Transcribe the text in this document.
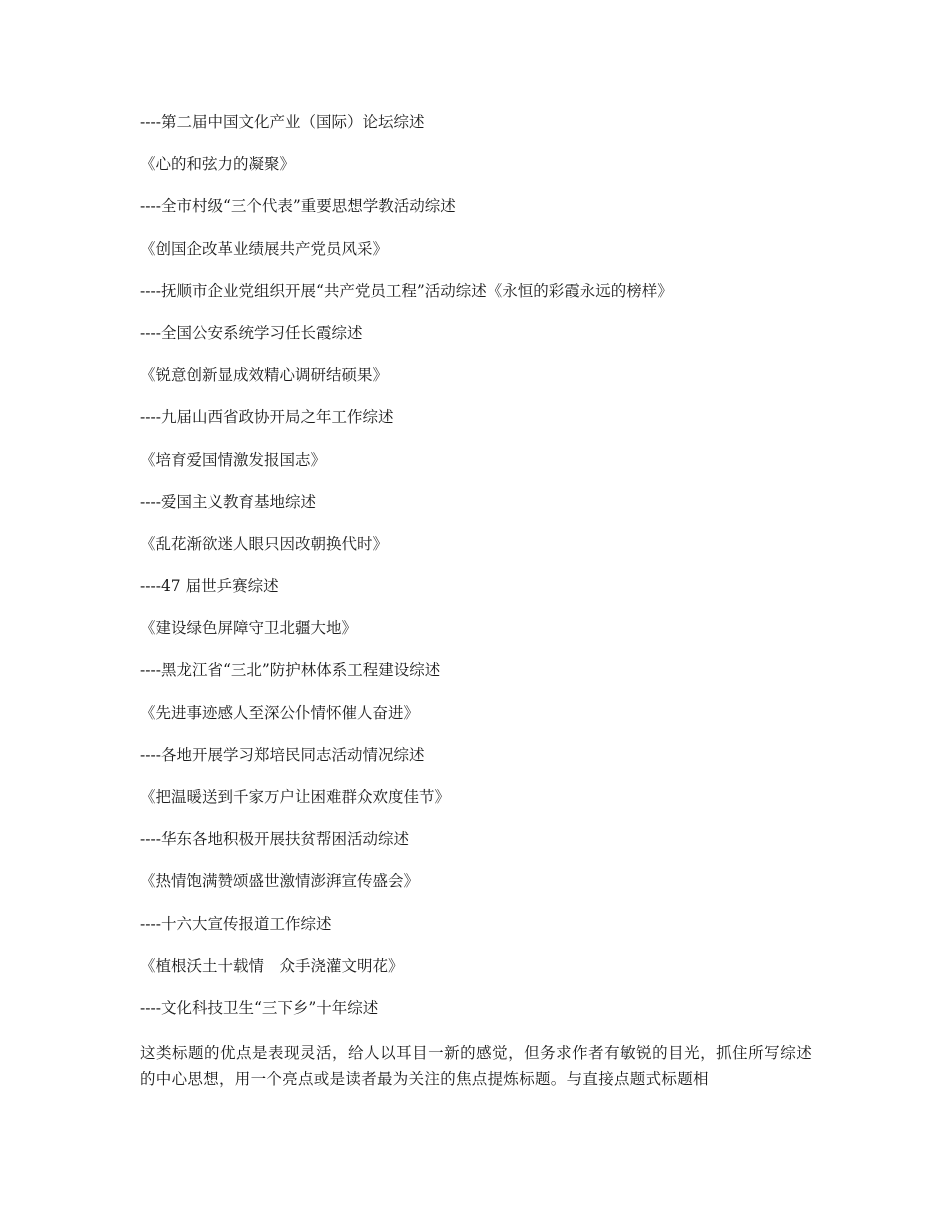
----第二届中国文化产业（国际）论坛综述
《心的和弦力的凝聚》
----全市村级“三个代表”重要思想学教活动综述
《创国企改革业绩展共产党员风采》
----抚顺市企业党组织开展“共产党员工程”活动综述《永恒的彩霞永远的榜样》
----全国公安系统学习任长霞综述
《锐意创新显成效精心调研结硕果》
----九届山西省政协开局之年工作综述
《培育爱国情激发报国志》
----爱国主义教育基地综述
《乱花渐欲迷人眼只因改朝换代时》
----47 届世乒赛综述
《建设绿色屏障守卫北疆大地》
----黑龙江省“三北”防护林体系工程建设综述
《先进事迹感人至深公仆情怀催人奋进》
----各地开展学习郑培民同志活动情况综述
《把温暖送到千家万户让困难群众欢度佳节》
----华东各地积极开展扶贫帮困活动综述
《热情饱满赞颂盛世激情澎湃宣传盛会》
----十六大宣传报道工作综述
《植根沃土十载情　众手浇灌文明花》
----文化科技卫生“三下乡”十年综述

这类标题的优点是表现灵活，给人以耳目一新的感觉，但务求作者有敏锐的目光，抓住所写综述的中心思想，用一个亮点或是读者最为关注的焦点提炼标题。与直接点题式标题相
